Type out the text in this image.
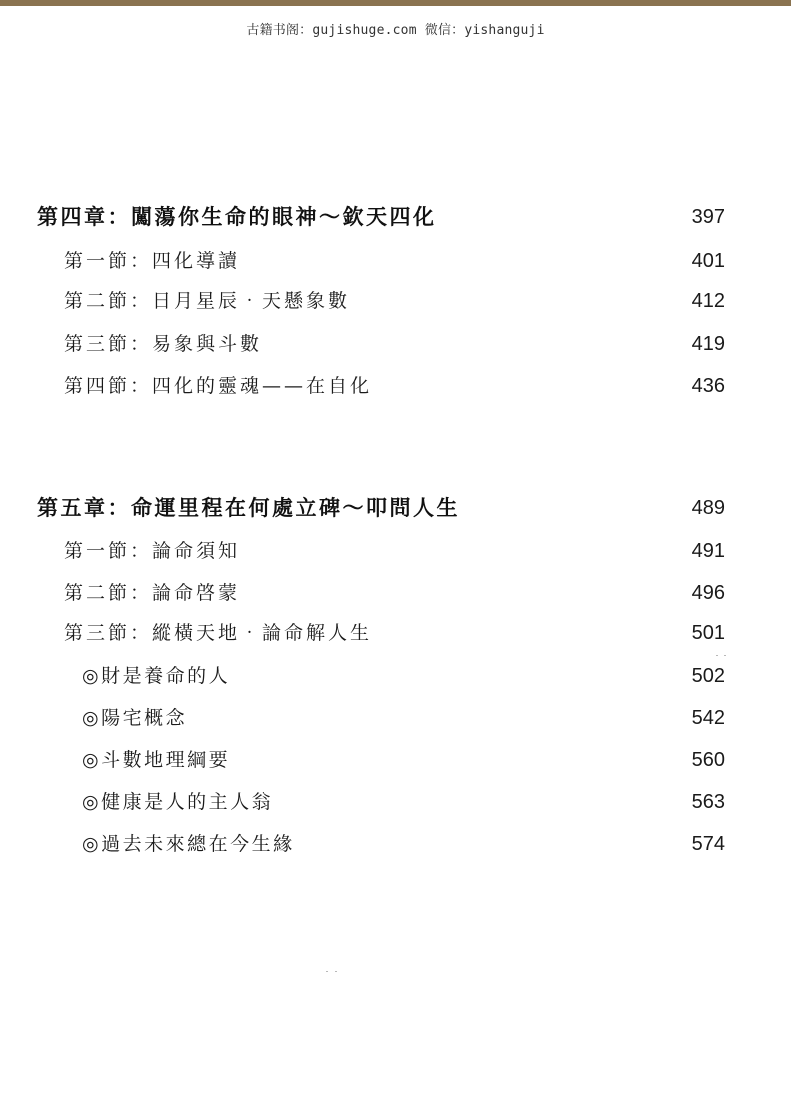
古籍书阁：gujishuge.com 微信：yishanguji
第四章：闖蕩你生命的眼神～欽天四化	397
第一節：四化導讀	401
第二節：日月星辰‧天懸象數	412
第三節：易象與斗數	419
第四節：四化的靈魂——在自化	436
第五章：命運里程在何處立碑～叩問人生	489
第一節：論命須知	491
第二節：論命啓蒙	496
第三節：縱橫天地‧論命解人生	501
◎財是養命的人	502
◎陽宅概念	542
◎斗數地理綱要	560
◎健康是人的主人翁	563
◎過去未來總在今生緣	574
